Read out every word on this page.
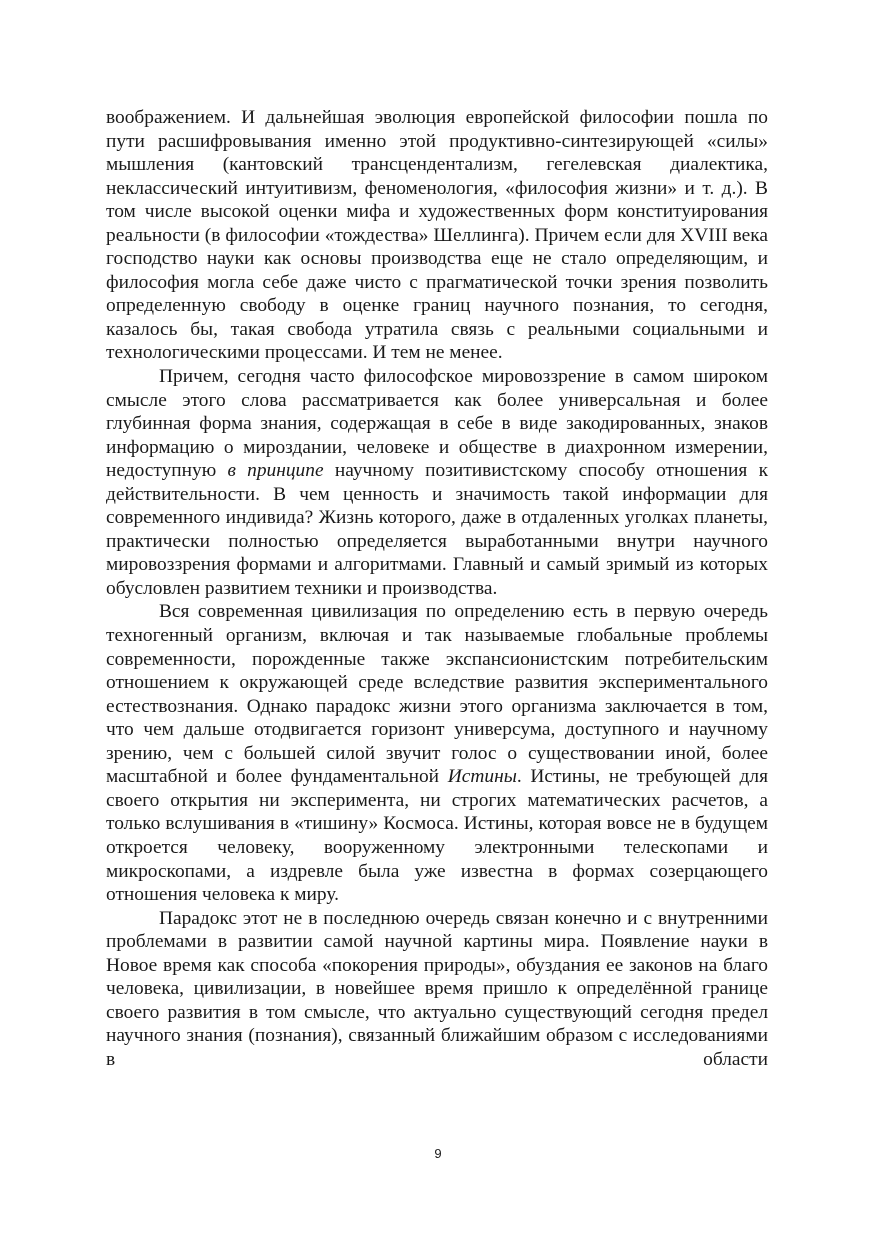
воображением. И дальнейшая эволюция европейской философии пошла по пути расшифровывания именно этой продуктивно-синтезирующей «силы» мышления (кантовский трансцендентализм, гегелевская диалектика, неклассический интуитивизм, феноменология, «философия жизни» и т. д.). В том числе высокой оценки мифа и художественных форм конституирования реальности (в философии «тождества» Шеллинга). Причем если для XVIII века господство науки как основы производства еще не стало определяющим, и философия могла себе даже чисто с прагматической точки зрения позволить определенную свободу в оценке границ научного познания, то сегодня, казалось бы, такая свобода утратила связь с реальными социальными и технологическими процессами. И тем не менее.

Причем, сегодня часто философское мировоззрение в самом широком смысле этого слова рассматривается как более универсальная и более глубинная форма знания, содержащая в себе в виде закодированных, знаков информацию о мироздании, человеке и обществе в диахронном измерении, недоступную в принципе научному позитивистскому способу отношения к действительности. В чем ценность и значимость такой информации для современного индивида? Жизнь которого, даже в отдаленных уголках планеты, практически полностью определяется выработанными внутри научного мировоззрения формами и алгоритмами. Главный и самый зримый из которых обусловлен развитием техники и производства.

Вся современная цивилизация по определению есть в первую очередь техногенный организм, включая и так называемые глобальные проблемы современности, порожденные также экспансионистским потребительским отношением к окружающей среде вследствие развития экспериментального естествознания. Однако парадокс жизни этого организма заключается в том, что чем дальше отодвигается горизонт универсума, доступного и научному зрению, чем с большей силой звучит голос о существовании иной, более масштабной и более фундаментальной Истины. Истины, не требующей для своего открытия ни эксперимента, ни строгих математических расчетов, а только вслушивания в «тишину» Космоса. Истины, которая вовсе не в будущем откроется человеку, вооруженному электронными телескопами и микроскопами, а издревле была уже известна в формах созерцающего отношения человека к миру.

Парадокс этот не в последнюю очередь связан конечно и с внутренними проблемами в развитии самой научной картины мира. Появление науки в Новое время как способа «покорения природы», обуздания ее законов на благо человека, цивилизации, в новейшее время пришло к определённой границе своего развития в том смысле, что актуально существующий сегодня предел научного знания (познания), связанный ближайшим образом с исследованиями в области

9
